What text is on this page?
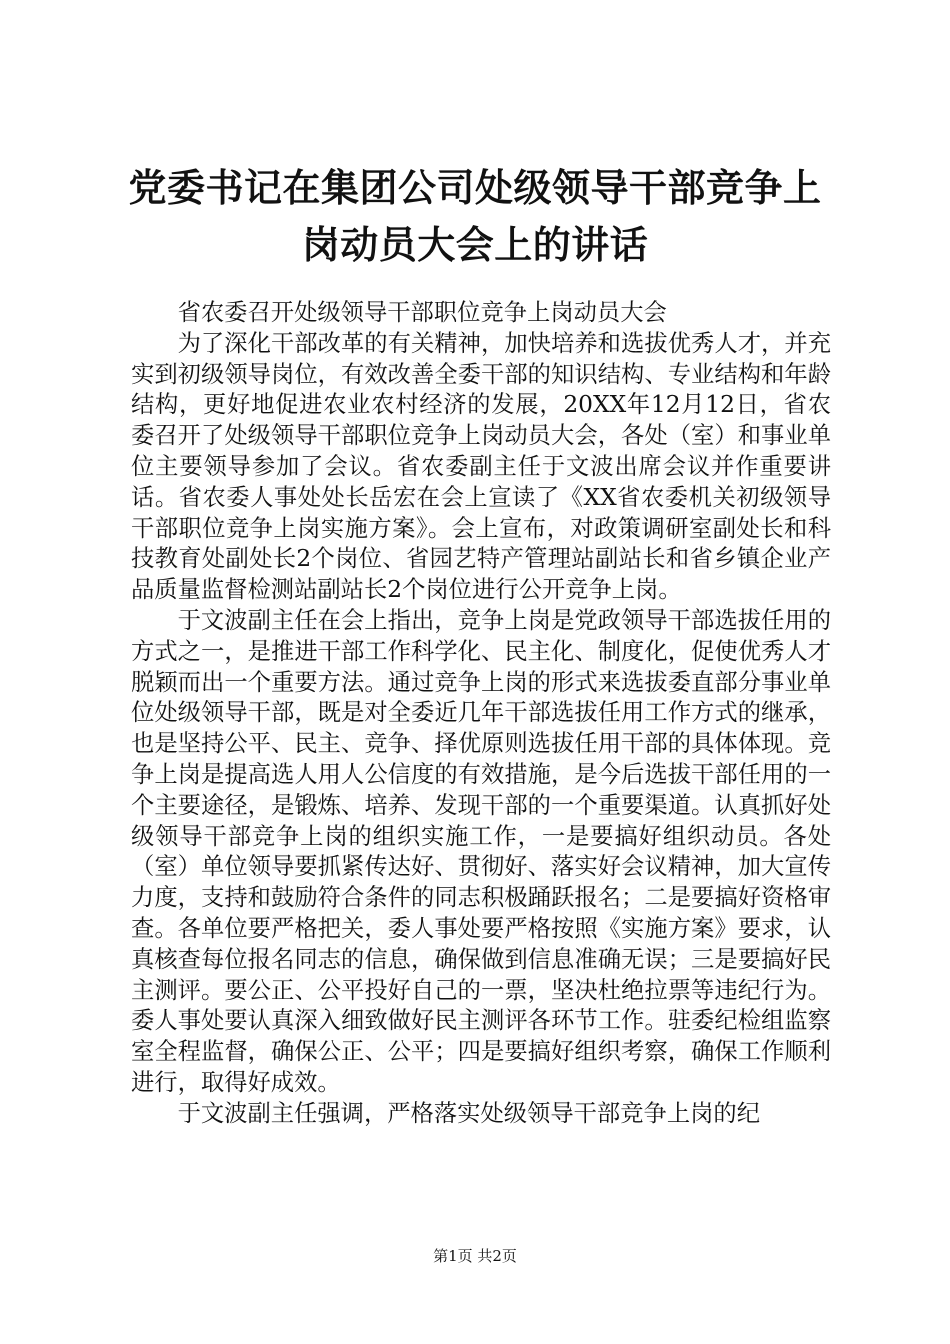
党委书记在集团公司处级领导干部竞争上岗动员大会上的讲话

省农委召开处级领导干部职位竞争上岗动员大会

为了深化干部改革的有关精神，加快培养和选拔优秀人才，并充实到初级领导岗位，有效改善全委干部的知识结构、专业结构和年龄结构，更好地促进农业农村经济的发展，20XX年12月12日，省农委召开了处级领导干部职位竞争上岗动员大会，各处（室）和事业单位主要领导参加了会议。省农委副主任于文波出席会议并作重要讲话。省农委人事处处长岳宏在会上宣读了《XX省农委机关初级领导干部职位竞争上岗实施方案》。会上宣布，对政策调研室副处长和科技教育处副处长2个岗位、省园艺特产管理站副站长和省乡镇企业产品质量监督检测站副站长2个岗位进行公开竞争上岗。

于文波副主任在会上指出，竞争上岗是党政领导干部选拔任用的方式之一，是推进干部工作科学化、民主化、制度化，促使优秀人才脱颖而出一个重要方法。通过竞争上岗的形式来选拔委直部分事业单位处级领导干部，既是对全委近几年干部选拔任用工作方式的继承，也是坚持公平、民主、竞争、择优原则选拔任用干部的具体体现。竞争上岗是提高选人用人公信度的有效措施，是今后选拔干部任用的一个主要途径，是锻炼、培养、发现干部的一个重要渠道。认真抓好处级领导干部竞争上岗的组织实施工作，一是要搞好组织动员。各处（室）单位领导要抓紧传达好、贯彻好、落实好会议精神，加大宣传力度，支持和鼓励符合条件的同志积极踊跃报名；二是要搞好资格审查。各单位要严格把关，委人事处要严格按照《实施方案》要求，认真核查每位报名同志的信息，确保做到信息准确无误；三是要搞好民主测评。要公正、公平投好自己的一票，坚决杜绝拉票等违纪行为。委人事处要认真深入细致做好民主测评各环节工作。驻委纪检组监察室全程监督，确保公正、公平；四是要搞好组织考察，确保工作顺利进行，取得好成效。

于文波副主任强调，严格落实处级领导干部竞争上岗的纪

第1页 共2页
